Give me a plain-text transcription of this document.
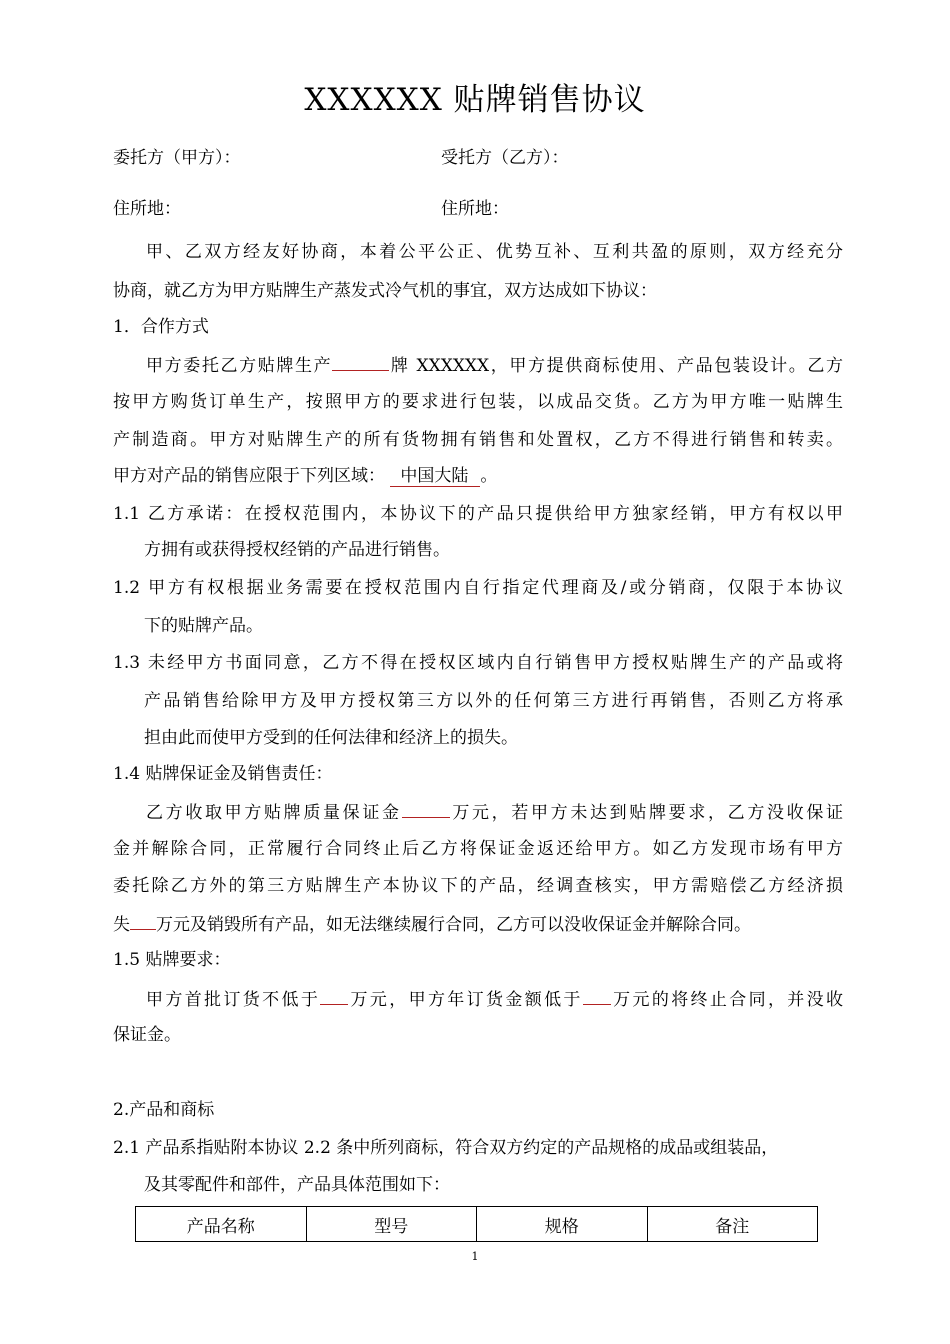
XXXXXX 贴牌销售协议
委托方（甲方）：	受托方（乙方）：
住所地：	住所地：
甲、乙双方经友好协商，本着公平公正、优势互补、互利共盈的原则，双方经充分
协商，就乙方为甲方贴牌生产蒸发式冷气机的事宜，双方达成如下协议：
1．合作方式
甲方委托乙方贴牌生产	牌 XXXXXX，甲方提供商标使用、产品包装设计。乙方
按甲方购货订单生产，按照甲方的要求进行包装，以成品交货。乙方为甲方唯一贴牌生
产制造商。甲方对贴牌生产的所有货物拥有销售和处置权，乙方不得进行销售和转卖。
甲方对产品的销售应限于下列区域： 中国大陆 。
1.1 乙方承诺：在授权范围内，本协议下的产品只提供给甲方独家经销，甲方有权以甲
方拥有或获得授权经销的产品进行销售。
1.2 甲方有权根据业务需要在授权范围内自行指定代理商及/或分销商，仅限于本协议
下的贴牌产品。
1.3 未经甲方书面同意，乙方不得在授权区域内自行销售甲方授权贴牌生产的产品或将
产品销售给除甲方及甲方授权第三方以外的任何第三方进行再销售，否则乙方将承
担由此而使甲方受到的任何法律和经济上的损失。
1.4 贴牌保证金及销售责任：
乙方收取甲方贴牌质量保证金	万元，若甲方未达到贴牌要求，乙方没收保证
金并解除合同，正常履行合同终止后乙方将保证金返还给甲方。如乙方发现市场有甲方
委托除乙方外的第三方贴牌生产本协议下的产品，经调查核实，甲方需赔偿乙方经济损
失 万元及销毁所有产品，如无法继续履行合同，乙方可以没收保证金并解除合同。
1.5 贴牌要求：
甲方首批订货不低于 万元，甲方年订货金额低于 万元的将终止合同，并没收
保证金。
2.产品和商标
2.1 产品系指贴附本协议 2.2 条中所列商标，符合双方约定的产品规格的成品或组装品，
及其零配件和部件，产品具体范围如下：
产品名称	型号	规格	备注
1
